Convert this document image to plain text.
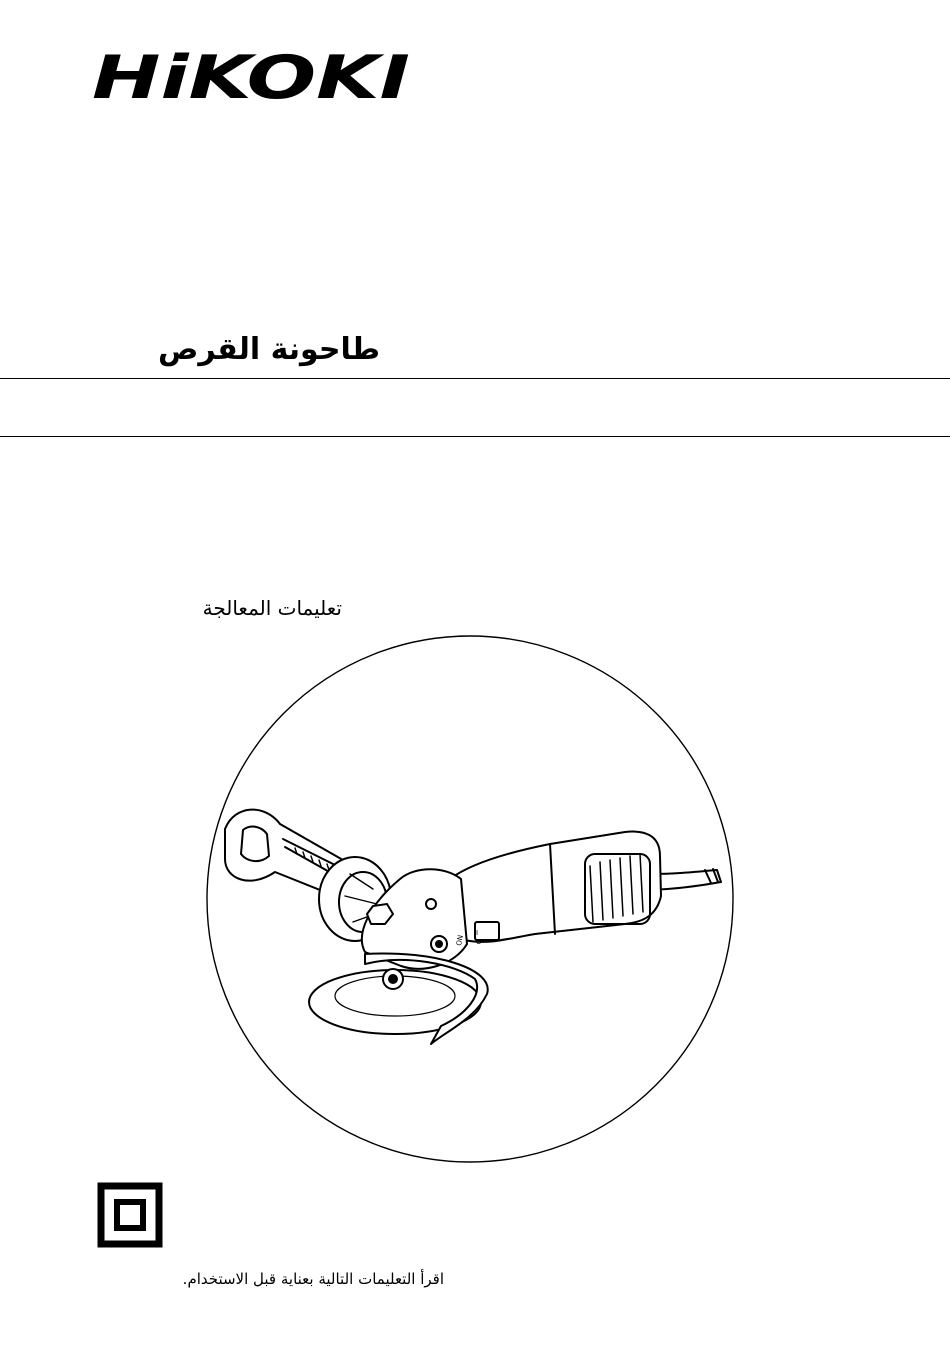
HiKOKI
طاحونة القرص
تعليمات المعالجة
ON
I
O
اقرأ التعليمات التالية بعناية قبل الاستخدام.
